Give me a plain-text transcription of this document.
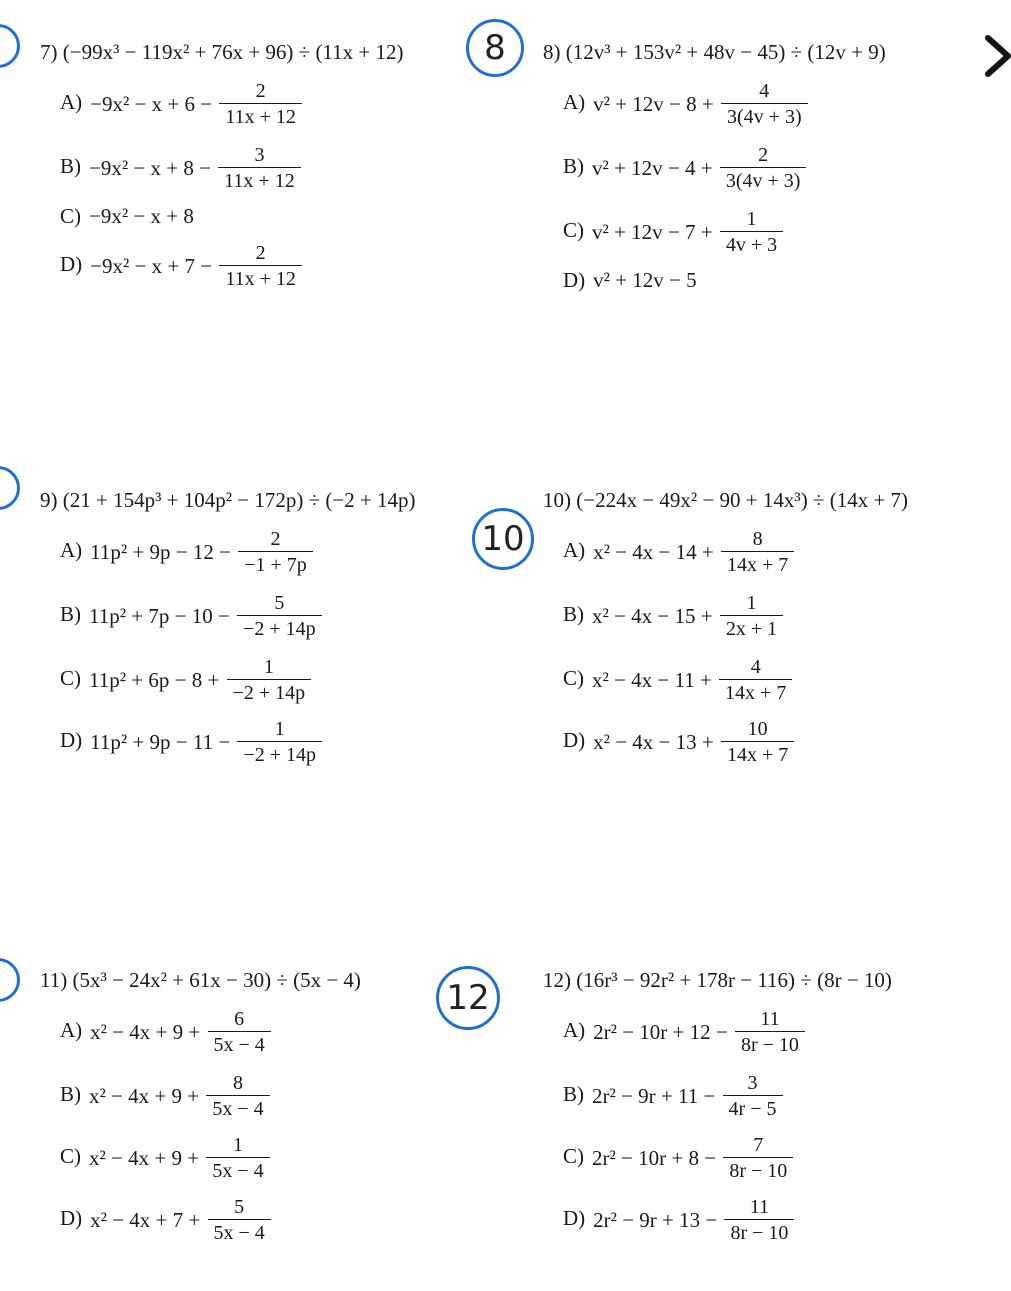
7) (−99x³ − 119x² + 76x + 96) ÷ (11x + 12)
$A) -9x^2 - x + 6 - \frac{2}{11x + 12}$
$B) -9x^2 - x + 8 - \frac{3}{11x + 12}$
C) −9x² − x + 8
$D) -9x^2 - x + 7 - \frac{2}{11x + 12}$
8	8) (12v³ + 153v² + 48v − 45) ÷ (12v + 9)
A) $v^2 + 12v - 8 + \frac{4}{3(4v + 3)}$
B) $v^2 + 12v - 4 + \frac{2}{3(4v + 3)}$
C) $v^2 + 12v - 7 + \frac{1}{4v + 3}$
D) v² + 12v − 5
9) (21 + 154p³ + 104p² − 172p) ÷ (−2 + 14p)
A) $11p^2 + 9p - 12 - \frac{2}{-1 + 7p}$
B) $11p^2 + 7p - 10 - \frac{5}{-2 + 14p}$
C) $11p^2 + 6p - 8 + \frac{1}{-2 + 14p}$
D) $11p^2 + 9p - 11 - \frac{1}{-2 + 14p}$
10
10) (−224x − 49x² − 90 + 14x³) ÷ (14x + 7)
A) $x^2 - 4x - 14 + \frac{8}{14x + 7}$
B) $x^2 - 4x - 15 + \frac{1}{2x + 1}$
C) $x^2 - 4x - 11 + \frac{4}{14x + 7}$
D) $x^2 - 4x - 13 + \frac{10}{14x + 7}$
11) (5x³ − 24x² + 61x − 30) ÷ (5x − 4)
A) $x^2 - 4x + 9 + \frac{6}{5x - 4}$
B) $x^2 - 4x + 9 + \frac{8}{5x - 4}$
C) $x^2 - 4x + 9 + \frac{1}{5x - 4}$
D) $x^2 - 4x + 7 + \frac{5}{5x - 4}$
12	12) (16r³ − 92r² + 178r − 116) ÷ (8r − 10)
A) $2r^2 - 10r + 12 - \frac{11}{8r - 10}$
B) $2r^2 - 9r + 11 - \frac{3}{4r - 5}$
C) $2r^2 - 10r + 8 - \frac{7}{8r - 10}$
D) $2r^2 - 9r + 13 - \frac{11}{8r - 10}$
